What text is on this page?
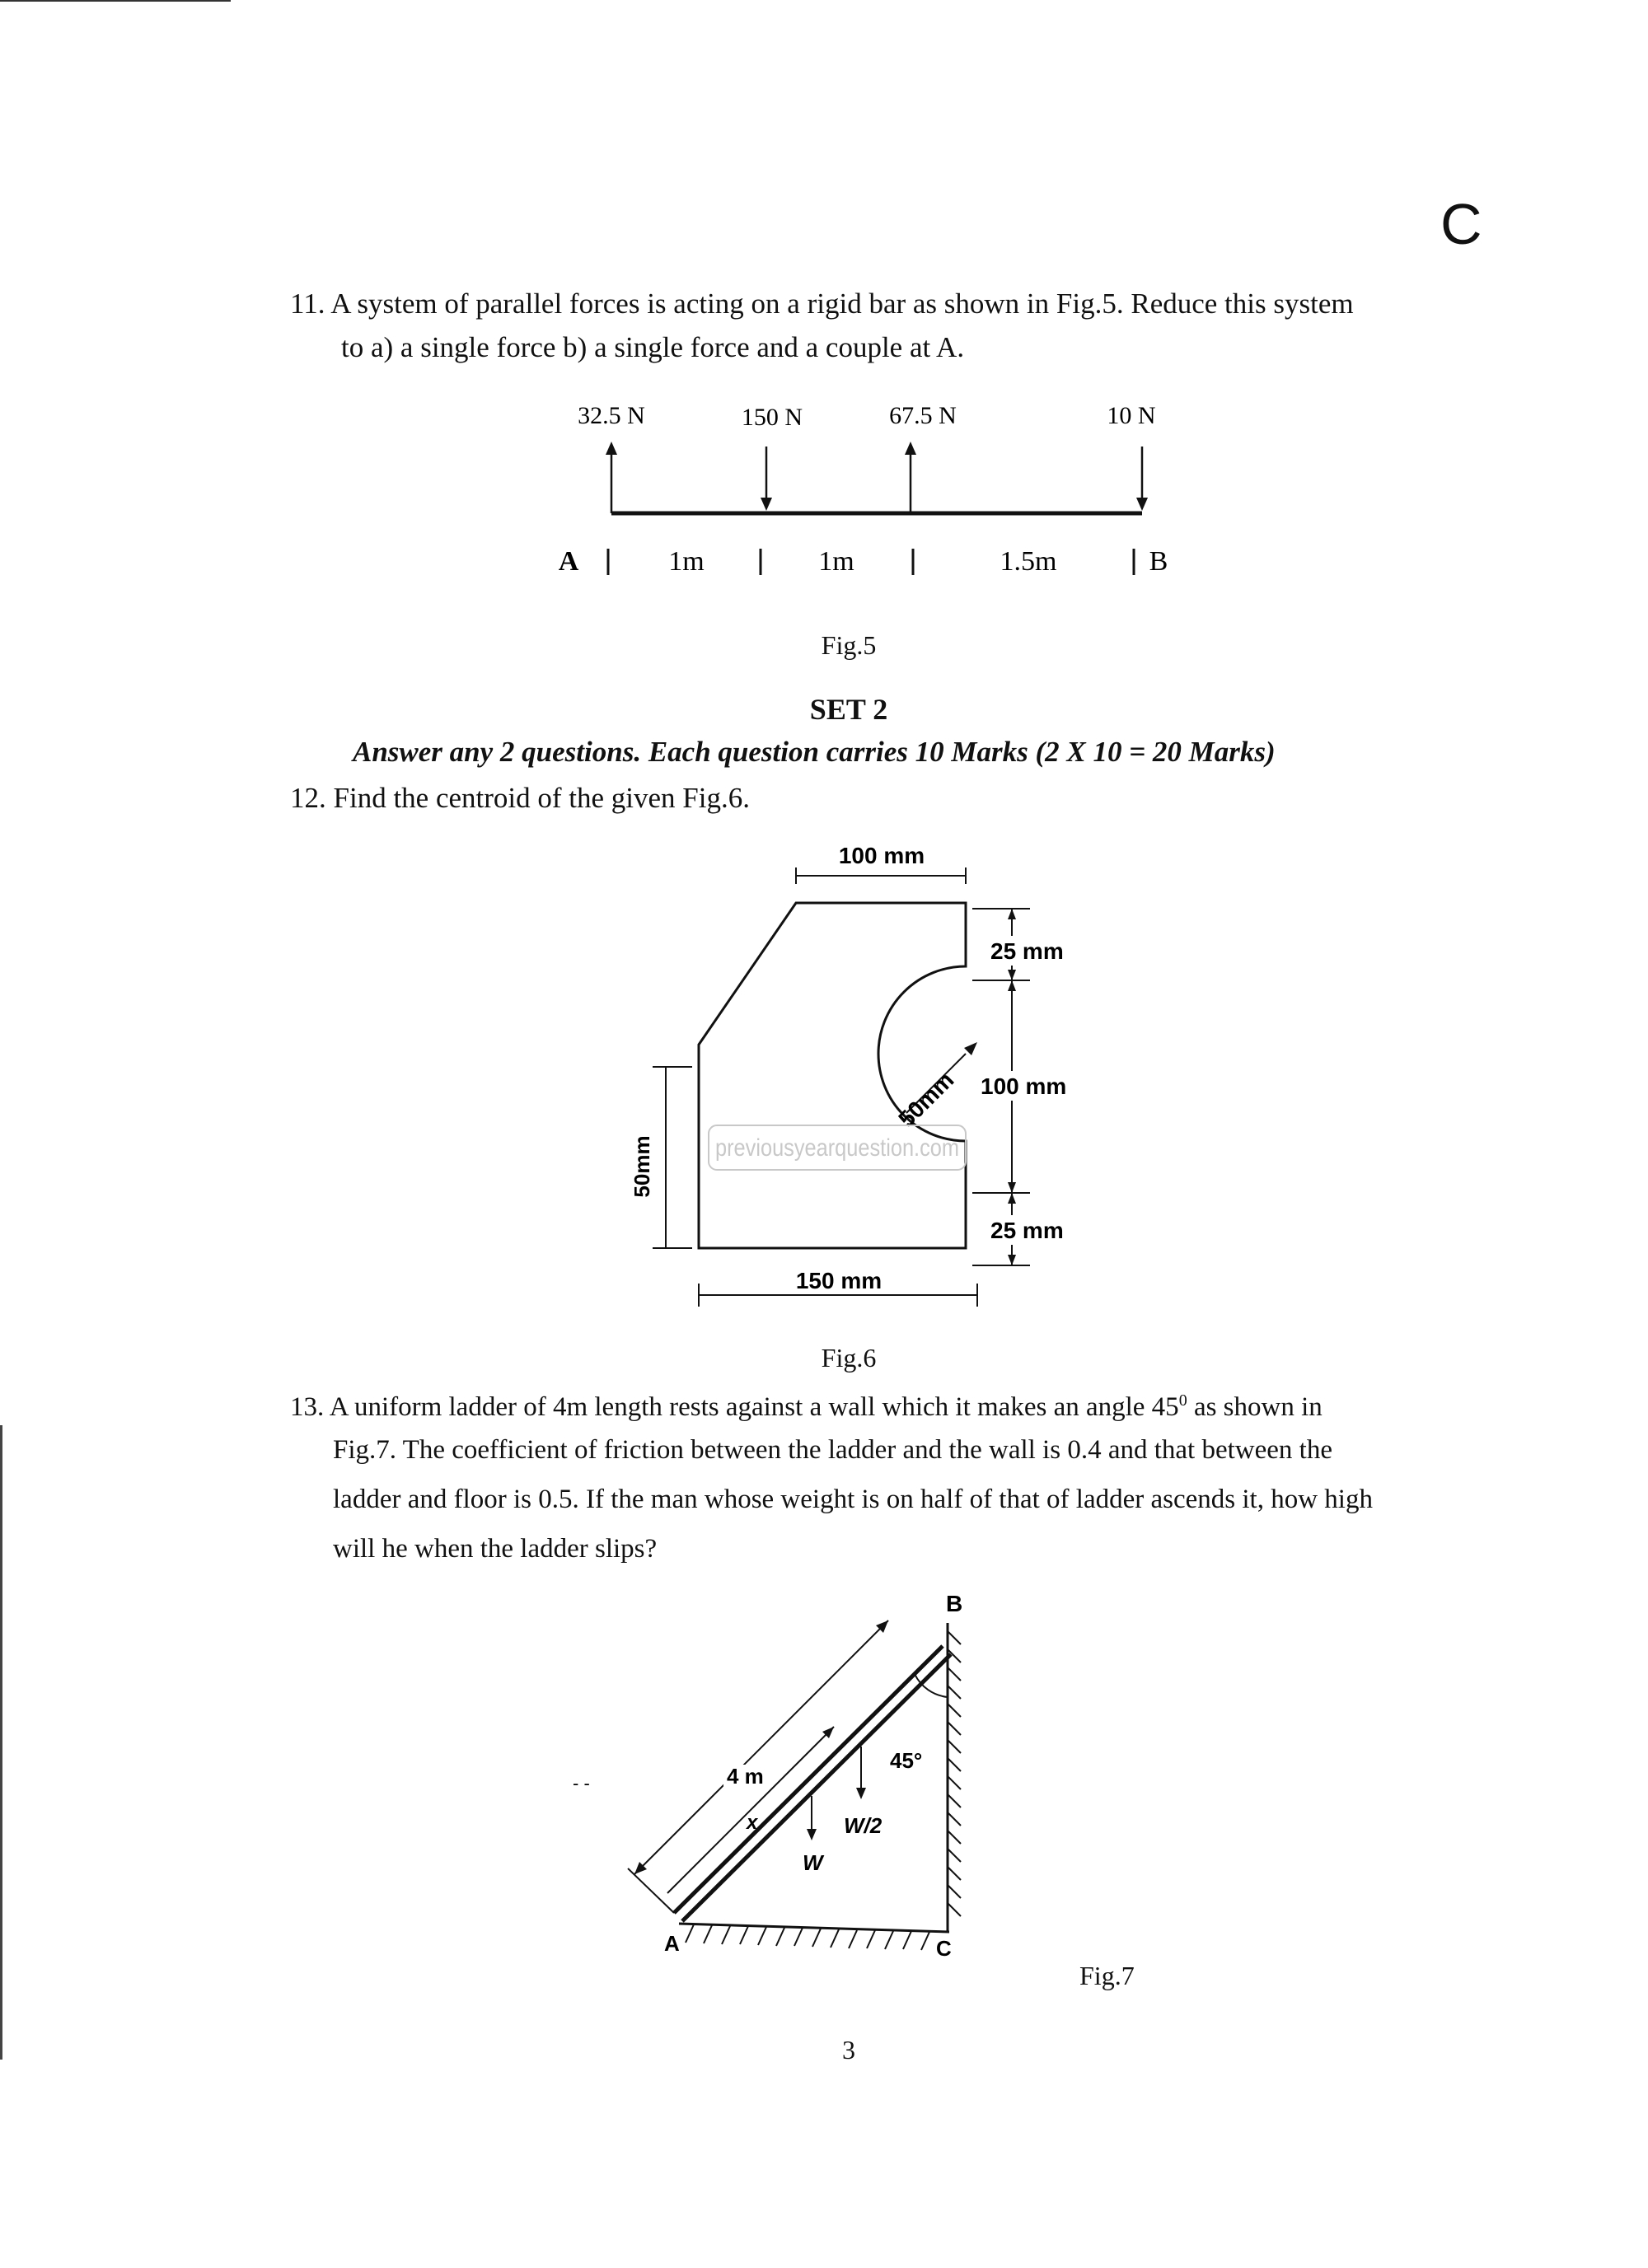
C
11. A system of parallel forces is acting on a rigid bar as shown in Fig.5. Reduce this system
to a) a single force b) a single force and a couple at A.
32.5 N	150 N	67.5 N	10 N
A	1m	1m	1.5m	B
Fig.5
SET 2
Answer any 2 questions. Each question carries 10 Marks (2 X 10 = 20 Marks)
12. Find the centroid of the given Fig.6.
100 mm
150 mm
50mm
25 mm
100 mm
25 mm
50mm
previousyearquestion.com
Fig.6
13. A uniform ladder of 4m length rests against a wall which it makes an angle $45^0$ as shown in
Fig.7. The coefficient of friction between the ladder and the wall is 0.4 and that between the
ladder and floor is 0.5. If the man whose weight is on half of that of ladder ascends it, how high
will he when the ladder slips?
4 m
x
W
W/2
45°
B
A	C
- -
Fig.7
3
